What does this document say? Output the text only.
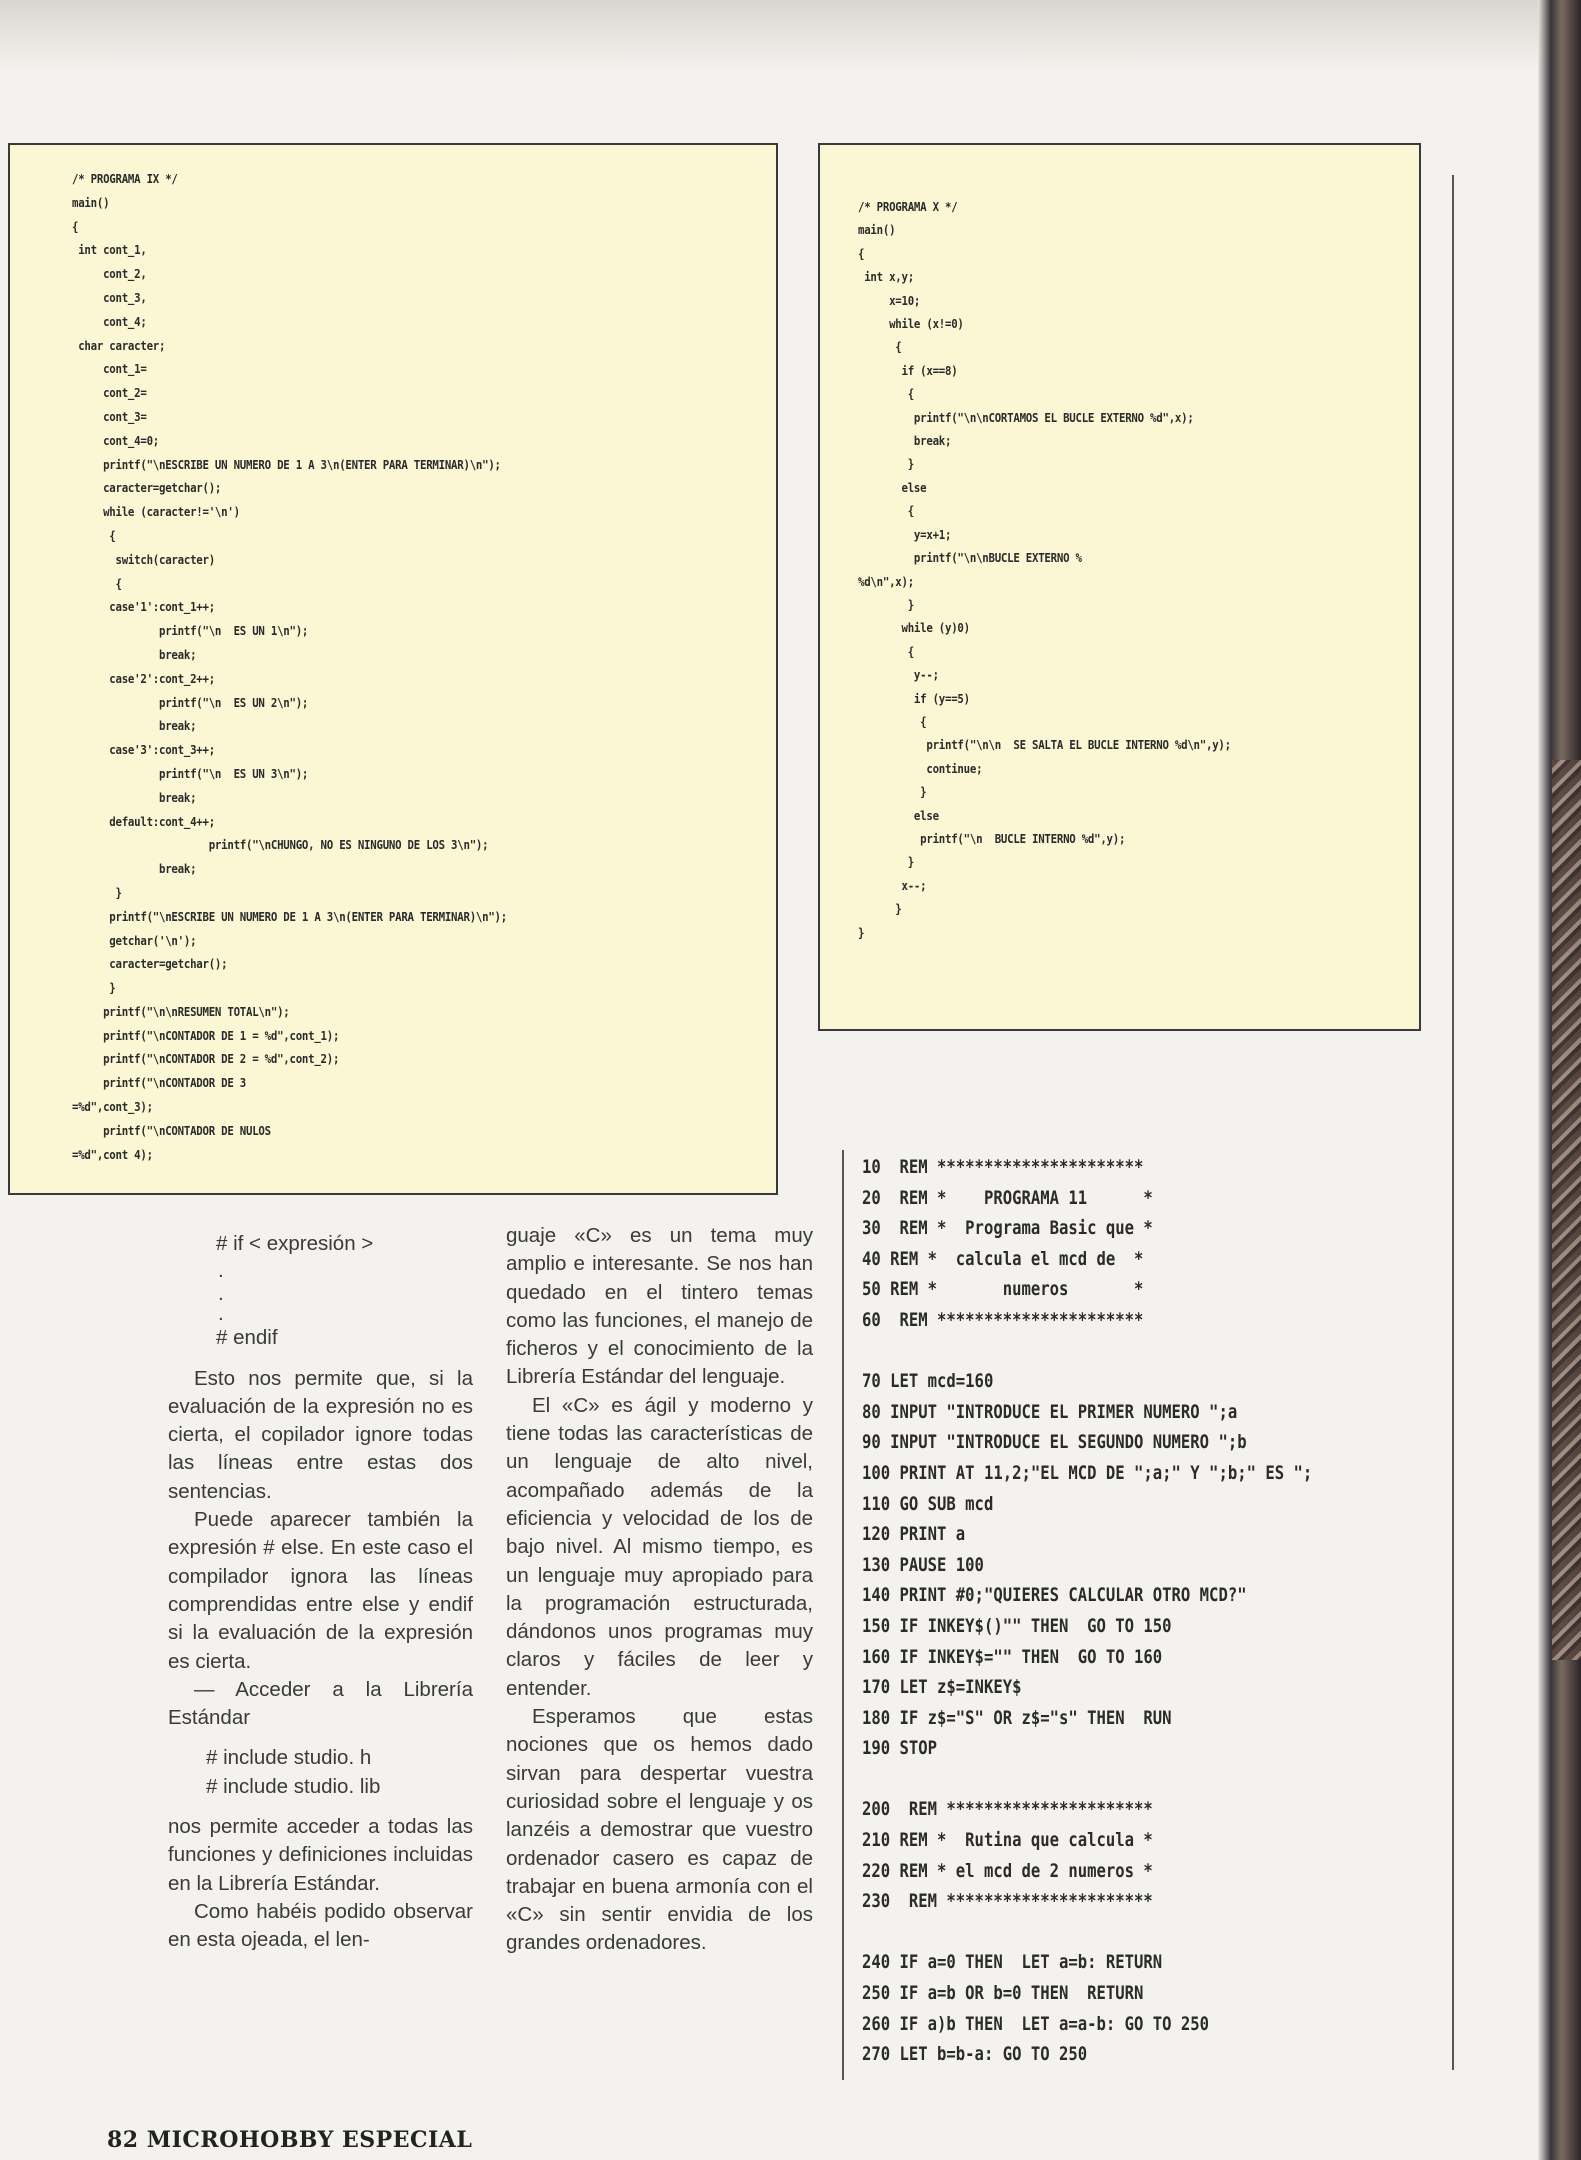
/* PROGRAMA IX */
main()
{
int cont_1,
cont_2,
cont_3,
cont_4;
char caracter;
cont_1=
cont_2=
cont_3=
cont_4=0;
printf("\nESCRIBE UN NUMERO DE 1 A 3\n(ENTER PARA TERMINAR)\n");
caracter=getchar();
while (caracter!='\n')
{
switch(caracter)
{
case'1':cont_1++;
printf("\n  ES UN 1\n");
break;
case'2':cont_2++;
printf("\n  ES UN 2\n");
break;
case'3':cont_3++;
printf("\n  ES UN 3\n");
break;
default:cont_4++;
printf("\nCHUNGO, NO ES NINGUNO DE LOS 3\n");
break;
}
printf("\nESCRIBE UN NUMERO DE 1 A 3\n(ENTER PARA TERMINAR)\n");
getchar('\n');
caracter=getchar();
}
printf("\n\nRESUMEN TOTAL\n");
printf("\nCONTADOR DE 1 = %d",cont_1);
printf("\nCONTADOR DE 2 = %d",cont_2);
printf("\nCONTADOR DE 3
=%d",cont_3);
printf("\nCONTADOR DE NULOS
=%d",cont 4);
/* PROGRAMA X */
main()
{
int x,y;
x=10;
while (x!=0)
{
if (x==8)
{
printf("\n\nCORTAMOS EL BUCLE EXTERNO %d",x);
break;
}
else
{
y=x+1;
printf("\n\nBUCLE EXTERNO %
%d\n",x);
}
while (y)0)
{
y--;
if (y==5)
{
printf("\n\n  SE SALTA EL BUCLE INTERNO %d\n",y);
continue;
}
else
printf("\n  BUCLE INTERNO %d",y);
}
x--;
}
}
10  REM **********************
20  REM *    PROGRAMA 11      *
30  REM *  Programa Basic que *
40 REM *  calcula el mcd de  *
50 REM *       numeros       *
60  REM **********************

70 LET mcd=160
80 INPUT "INTRODUCE EL PRIMER NUMERO ";a
90 INPUT "INTRODUCE EL SEGUNDO NUMERO ";b
100 PRINT AT 11,2;"EL MCD DE ";a;" Y ";b;" ES ";
110 GO SUB mcd
120 PRINT a
130 PAUSE 100
140 PRINT #0;"QUIERES CALCULAR OTRO MCD?"
150 IF INKEY$()"" THEN  GO TO 150
160 IF INKEY$="" THEN  GO TO 160
170 LET z$=INKEY$
180 IF z$="S" OR z$="s" THEN  RUN
190 STOP

200  REM **********************
210 REM *  Rutina que calcula *
220 REM * el mcd de 2 numeros *
230  REM **********************

240 IF a=0 THEN  LET a=b: RETURN
250 IF a=b OR b=0 THEN  RETURN
260 IF a)b THEN  LET a=a-b: GO TO 250
270 LET b=b-a: GO TO 250

# if < expresión >

.

.

.

# endif

Esto nos permite que, si la evaluación de la expresión no es cierta, el copilador ignore todas las líneas entre estas dos sentencias.

Puede aparecer también la expresión # else. En este caso el compilador ignora las líneas comprendidas entre else y endif si la evaluación de la expresión es cierta.

— Acceder a la Librería Estándar

# include studio. h

# include studio. lib

nos permite acceder a todas las funciones y definiciones incluidas en la Librería Estándar.

Como habéis podido observar en esta ojeada, el len-

guaje «C» es un tema muy amplio e interesante. Se nos han quedado en el tintero temas como las funciones, el manejo de ficheros y el conocimiento de la Librería Estándar del lenguaje.

El «C» es ágil y moderno y tiene todas las características de un lenguaje de alto nivel, acompañado además de la eficiencia y velocidad de los de bajo nivel. Al mismo tiempo, es un lenguaje muy apropiado para la programación estructurada, dándonos unos programas muy claros y fáciles de leer y entender.

Esperamos que estas nociones que os hemos dado sirvan para despertar vuestra curiosidad sobre el lenguaje y os lanzéis a demostrar que vuestro ordenador casero es capaz de trabajar en buena armonía con el «C» sin sentir envidia de los grandes ordenadores.

82 MICROHOBBY ESPECIAL
